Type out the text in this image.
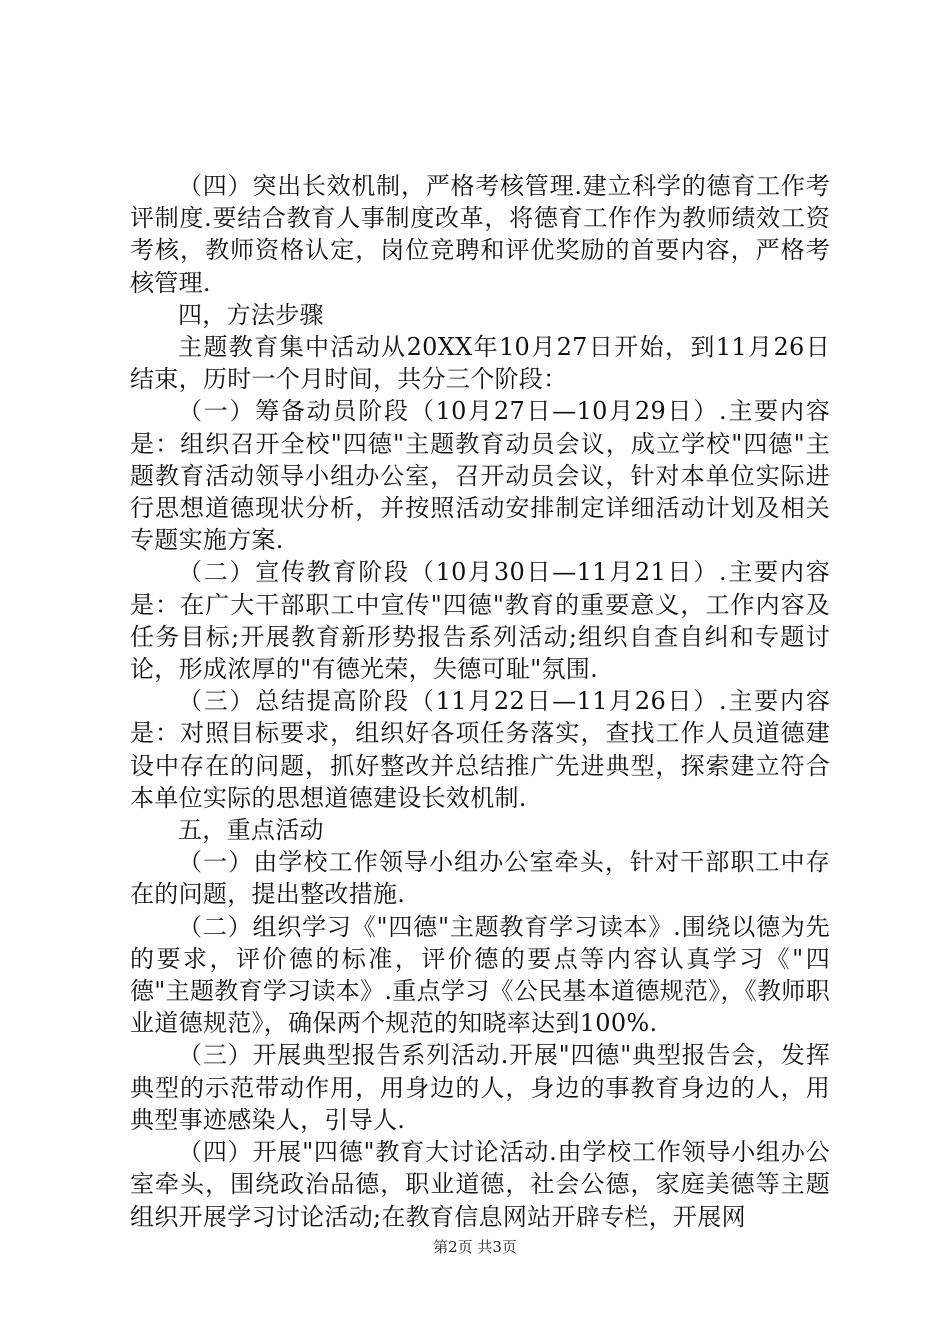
（四）突出长效机制，严格考核管理.建立科学的德育工作考评制度.要结合教育人事制度改革，将德育工作作为教师绩效工资考核，教师资格认定，岗位竞聘和评优奖励的首要内容，严格考核管理.

四，方法步骤

主题教育集中活动从20XX年10月27日开始，到11月26日结束，历时一个月时间，共分三个阶段：

（一）筹备动员阶段（10月27日—10月29日）.主要内容是：组织召开全校"四德"主题教育动员会议，成立学校"四德"主题教育活动领导小组办公室，召开动员会议，针对本单位实际进行思想道德现状分析，并按照活动安排制定详细活动计划及相关专题实施方案.

（二）宣传教育阶段（10月30日—11月21日）.主要内容是：在广大干部职工中宣传"四德"教育的重要意义，工作内容及任务目标;开展教育新形势报告系列活动;组织自查自纠和专题讨论，形成浓厚的"有德光荣，失德可耻"氛围.

（三）总结提高阶段（11月22日—11月26日）.主要内容是：对照目标要求，组织好各项任务落实，查找工作人员道德建设中存在的问题，抓好整改并总结推广先进典型，探索建立符合本单位实际的思想道德建设长效机制.

五，重点活动

（一）由学校工作领导小组办公室牵头，针对干部职工中存在的问题，提出整改措施.

（二）组织学习《"四德"主题教育学习读本》.围绕以德为先的要求，评价德的标准，评价德的要点等内容认真学习《"四德"主题教育学习读本》.重点学习《公民基本道德规范》，《教师职业道德规范》，确保两个规范的知晓率达到100%.

（三）开展典型报告系列活动.开展"四德"典型报告会，发挥典型的示范带动作用，用身边的人，身边的事教育身边的人，用典型事迹感染人，引导人.

（四）开展"四德"教育大讨论活动.由学校工作领导小组办公室牵头，围绕政治品德，职业道德，社会公德，家庭美德等主题组织开展学习讨论活动;在教育信息网站开辟专栏，开展网

第2页 共3页
